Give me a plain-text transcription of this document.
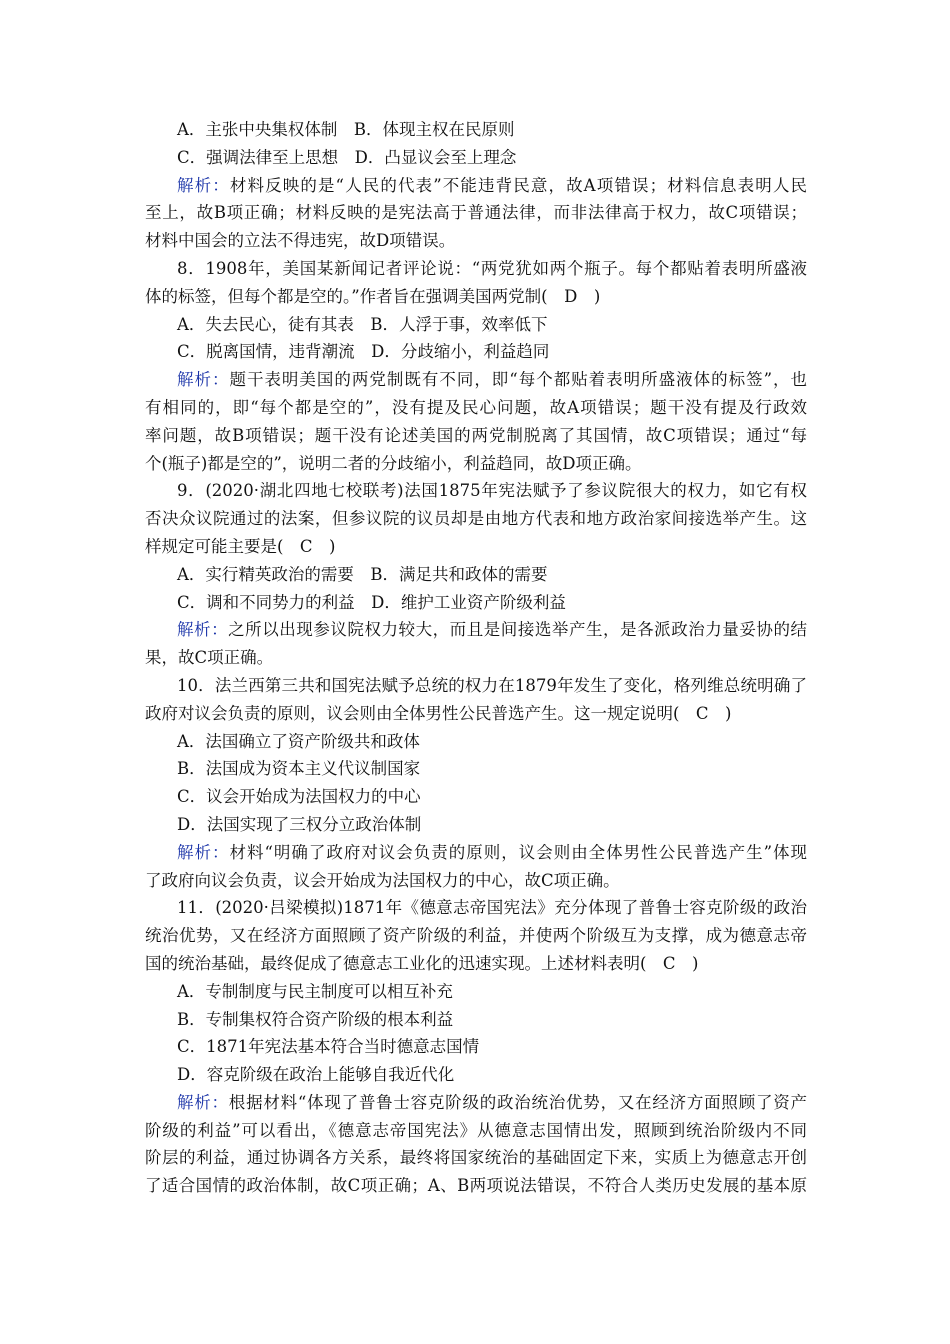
A．主张中央集权体制　B．体现主权在民原则
C．强调法律至上思想　D．凸显议会至上理念
解析：材料反映的是“人民的代表”不能违背民意，故A项错误；材料信息表明人民
至上，故B项正确；材料反映的是宪法高于普通法律，而非法律高于权力，故C项错误；
材料中国会的立法不得违宪，故D项错误。
8．1908年，美国某新闻记者评论说：“两党犹如两个瓶子。每个都贴着表明所盛液
体的标签，但每个都是空的。”作者旨在强调美国两党制(　D　)
A．失去民心，徒有其表　B．人浮于事，效率低下
C．脱离国情，违背潮流　D．分歧缩小，利益趋同
解析：题干表明美国的两党制既有不同，即“每个都贴着表明所盛液体的标签”，也
有相同的，即“每个都是空的”，没有提及民心问题，故A项错误；题干没有提及行政效
率问题，故B项错误；题干没有论述美国的两党制脱离了其国情，故C项错误；通过“每
个(瓶子)都是空的”，说明二者的分歧缩小，利益趋同，故D项正确。
9．(2020·湖北四地七校联考)法国1875年宪法赋予了参议院很大的权力，如它有权
否决众议院通过的法案，但参议院的议员却是由地方代表和地方政治家间接选举产生。这
样规定可能主要是(　C　)
A．实行精英政治的需要　B．满足共和政体的需要
C．调和不同势力的利益　D．维护工业资产阶级利益
解析：之所以出现参议院权力较大，而且是间接选举产生，是各派政治力量妥协的结
果，故C项正确。
10．法兰西第三共和国宪法赋予总统的权力在1879年发生了变化，格列维总统明确了
政府对议会负责的原则，议会则由全体男性公民普选产生。这一规定说明(　C　)
A．法国确立了资产阶级共和政体
B．法国成为资本主义代议制国家
C．议会开始成为法国权力的中心
D．法国实现了三权分立政治体制
解析：材料“明确了政府对议会负责的原则，议会则由全体男性公民普选产生”体现
了政府向议会负责，议会开始成为法国权力的中心，故C项正确。
11．(2020·吕梁模拟)1871年《德意志帝国宪法》充分体现了普鲁士容克阶级的政治
统治优势，又在经济方面照顾了资产阶级的利益，并使两个阶级互为支撑，成为德意志帝
国的统治基础，最终促成了德意志工业化的迅速实现。上述材料表明(　C　)
A．专制制度与民主制度可以相互补充
B．专制集权符合资产阶级的根本利益
C．1871年宪法基本符合当时德意志国情
D．容克阶级在政治上能够自我近代化
解析：根据材料“体现了普鲁士容克阶级的政治统治优势，又在经济方面照顾了资产
阶级的利益”可以看出，《德意志帝国宪法》从德意志国情出发，照顾到统治阶级内不同
阶层的利益，通过协调各方关系，最终将国家统治的基础固定下来，实质上为德意志开创
了适合国情的政治体制，故C项正确；A、B两项说法错误，不符合人类历史发展的基本原
